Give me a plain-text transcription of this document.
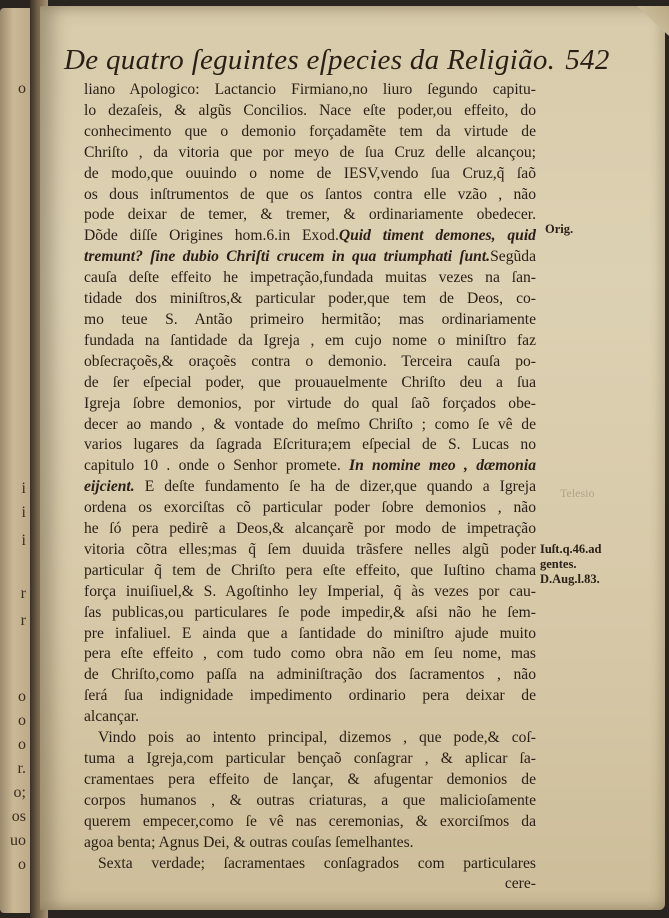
o
i
i
i
r
r
o
o
o
r.
o;
os
uo
o
De quatro ſeguintes eſpecies da Religião. 542
Telesio
liano Apologico: Lactancio Firmiano,no liuro ſegundo capitu-
lo dezaſeis, & algũs Concilios. Nace eſte poder,ou effeito, do
conhecimento que o demonio forçadamẽte tem da virtude de
Chriſto , da vitoria que por meyo de ſua Cruz delle alcançou;
de modo,que ouuindo o nome de IESV,vendo ſua Cruz,q̃ ſaõ
os dous inſtrumentos de que os ſantos contra elle vzão , não
pode deixar de temer, & tremer, & ordinariamente obedecer.
Dõde diſſe Origines hom.6.in Exod.Quid timent demones, quid
tremunt? ſine dubio Chriſti crucem in qua triumphati ſunt.Segũda
cauſa deſte effeito he impetração,fundada muitas vezes na ſan-
tidade dos miniſtros,& particular poder,que tem de Deos, co-
mo teue S. Antão primeiro hermitão; mas ordinariamente
fundada na ſantidade da Igreja , em cujo nome o miniſtro faz
obſecraçoẽs,& oraçoẽs contra o demonio. Terceira cauſa po-
de ſer eſpecial poder, que prouauelmente Chriſto deu a ſua
Igreja ſobre demonios, por virtude do qual ſaõ forçados obe-
decer ao mando , & vontade do meſmo Chriſto ; como ſe vê de
varios lugares da ſagrada Eſcritura;em eſpecial de S. Lucas no
capitulo 10 . onde o Senhor promete. In nomine meo , dæmonia
eijcient. E deſte fundamento ſe ha de dizer,que quando a Igreja
ordena os exorciſtas cõ particular poder ſobre demonios , não
he ſó pera pedirẽ a Deos,& alcançarẽ por modo de impetração
vitoria cõtra elles;mas q̃ ſem duuida trãsfere nelles algũ poder
particular q̃ tem de Chriſto pera eſte effeito, que Iuſtino chama
força inuiſiuel,& S. Agoſtinho ley Imperial, q̃ às vezes por cau-
ſas publicas,ou particulares ſe pode impedir,& aſsi não he ſem-
pre infaliuel. E ainda que a ſantidade do miniſtro ajude muito
pera eſte effeito , com tudo como obra não em ſeu nome, mas
de Chriſto,como paſſa na adminiſtração dos ſacramentos , não
ſerá ſua indignidade impedimento ordinario pera deixar de
alcançar.
Vindo pois ao intento principal, dizemos , que pode,& coſ-
tuma a Igreja,com particular bençaõ conſagrar , & aplicar ſa-
cramentaes pera effeito de lançar, & afugentar demonios de
corpos humanos , & outras criaturas, a que malicioſamente
querem empecer,como ſe vê nas ceremonias, & exorciſmos da
agoa benta; Agnus Dei, & outras couſas ſemelhantes.
Sexta verdade; ſacramentaes conſagrados com particulares
cere-
Orig.
Iuſt.q.46.ad
gentes.
D.Aug.l.83.
